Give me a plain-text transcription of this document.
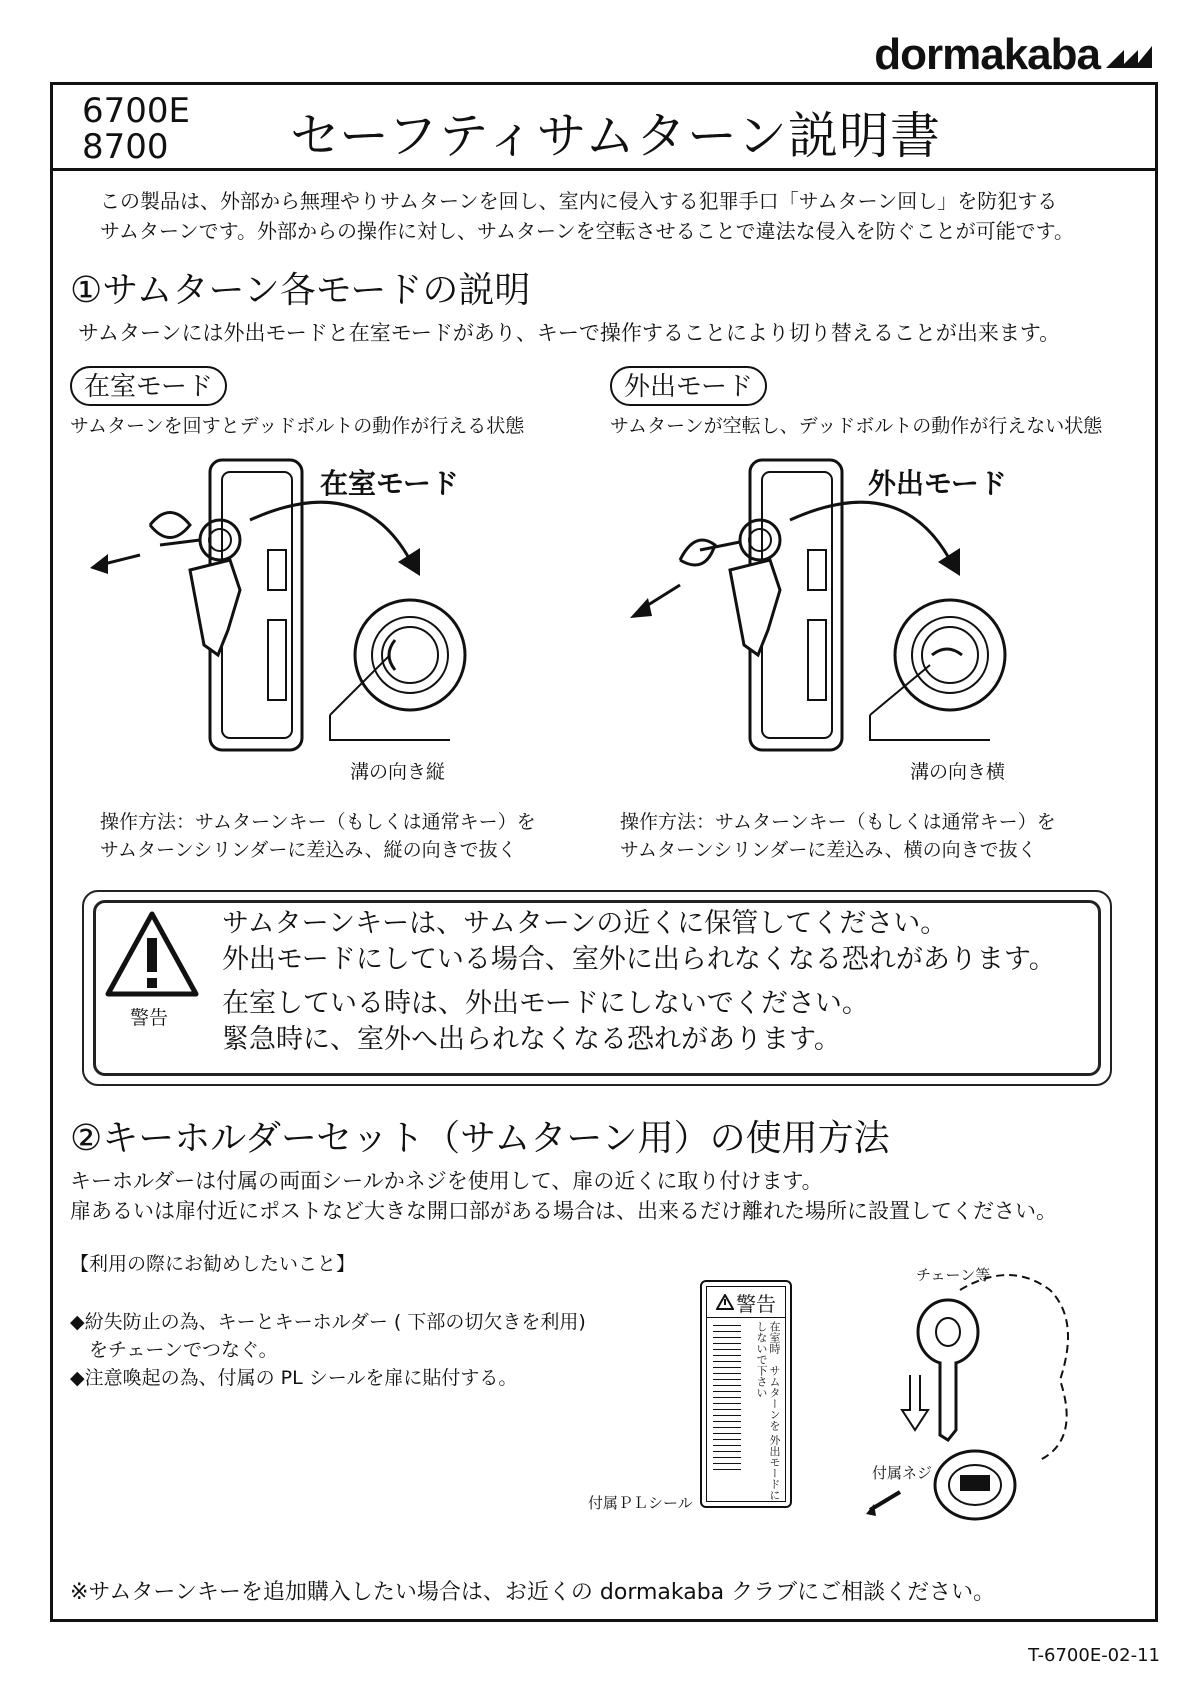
dormakaba
6700E
8700 セーフティサムターン説明書
この製品は、外部から無理やりサムターンを回し、室内に侵入する犯罪手口「サムターン回し」を防犯する
サムターンです。外部からの操作に対し、サムターンを空転させることで違法な侵入を防ぐことが可能です。
①サムターン各モードの説明
サムターンには外出モードと在室モードがあり、キーで操作することにより切り替えることが出来ます。
在室モード
サムターンを回すとデッドボルトの動作が行える状態
外出モード
サムターンが空転し、デッドボルトの動作が行えない状態
在室モード
溝の向き縦
外出モード
溝の向き横
操作方法：サムターンキー（もしくは通常キー）を
サムターンシリンダーに差込み、縦の向きで抜く
操作方法：サムターンキー（もしくは通常キー）を
サムターンシリンダーに差込み、横の向きで抜く
警告
サムターンキーは、サムターンの近くに保管してください。
外出モードにしている場合、室外に出られなくなる恐れがあります。
在室している時は、外出モードにしないでください。
緊急時に、室外へ出られなくなる恐れがあります。
②キーホルダーセット（サムターン用）の使用方法
キーホルダーは付属の両面シールかネジを使用して、扉の近くに取り付けます。
扉あるいは扉付近にポストなど大きな開口部がある場合は、出来るだけ離れた場所に設置してください。
【利用の際にお勧めしたいこと】
◆紛失防止の為、キーとキーホルダー ( 下部の切欠きを利用)
　をチェーンでつなぐ。
◆注意喚起の為、付属の PL シールを扉に貼付する。
付属ＰＬシール
警告
在室時　サムターンを 外出モードにしないで下さい
チェーン等
付属ネジ
※サムターンキーを追加購入したい場合は、お近くの dormakaba クラブにご相談ください。
T-6700E-02-11
